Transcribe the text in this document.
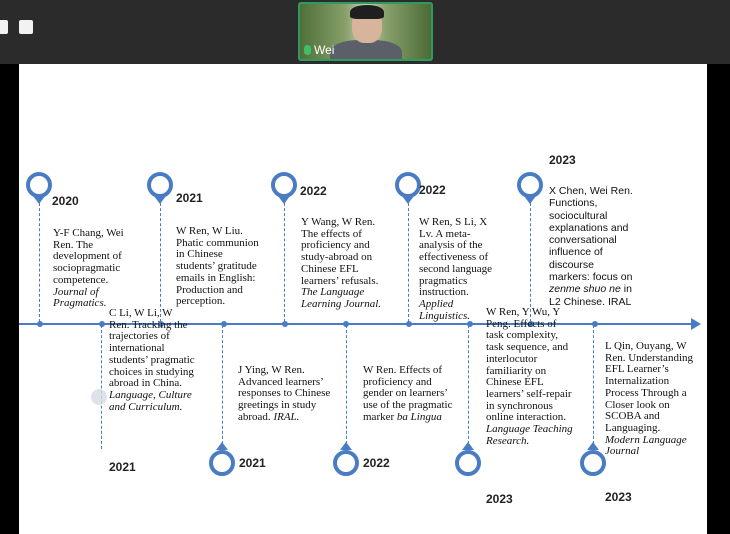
Wei
2020	2021	2022	2022
2023
2021	2021	2022
2023	2023
Y-F Chang, Wei Ren. The development of sociopragmatic competence. Journal of Pragmatics.
W Ren, W Liu. Phatic communion in Chinese students’ gratitude emails in English: Production and perception.
Y Wang, W Ren. The effects of proficiency and study-abroad on Chinese EFL learners’ refusals. The Language Learning Journal.
W Ren, S Li, X Lv. A meta-analysis of the effectiveness of second language pragmatics instruction. Applied Linguistics.
X Chen, Wei Ren. Functions, sociocultural explanations and conversational influence of discourse markers: focus on zenme shuo ne in L2 Chinese. IRAL
C Li, W Li, W Ren. Tracking the trajectories of international students’ pragmatic choices in studying abroad in China. Language, Culture and Curriculum.
J Ying, W Ren. Advanced learners’ responses to Chinese greetings in study abroad. IRAL.
W Ren. Effects of proficiency and gender on learners’ use of the pragmatic marker ba Lingua
W Ren, Y Wu, Y Peng. Effects of task complexity, task sequence, and interlocutor familiarity on Chinese EFL learners’ self-repair in synchronous online interaction. Language Teaching Research.
L Qin, Ouyang, W Ren. Understanding EFL Learner’s Internalization Process Through a Closer look on SCOBA and Languaging. Modern Language Journal
